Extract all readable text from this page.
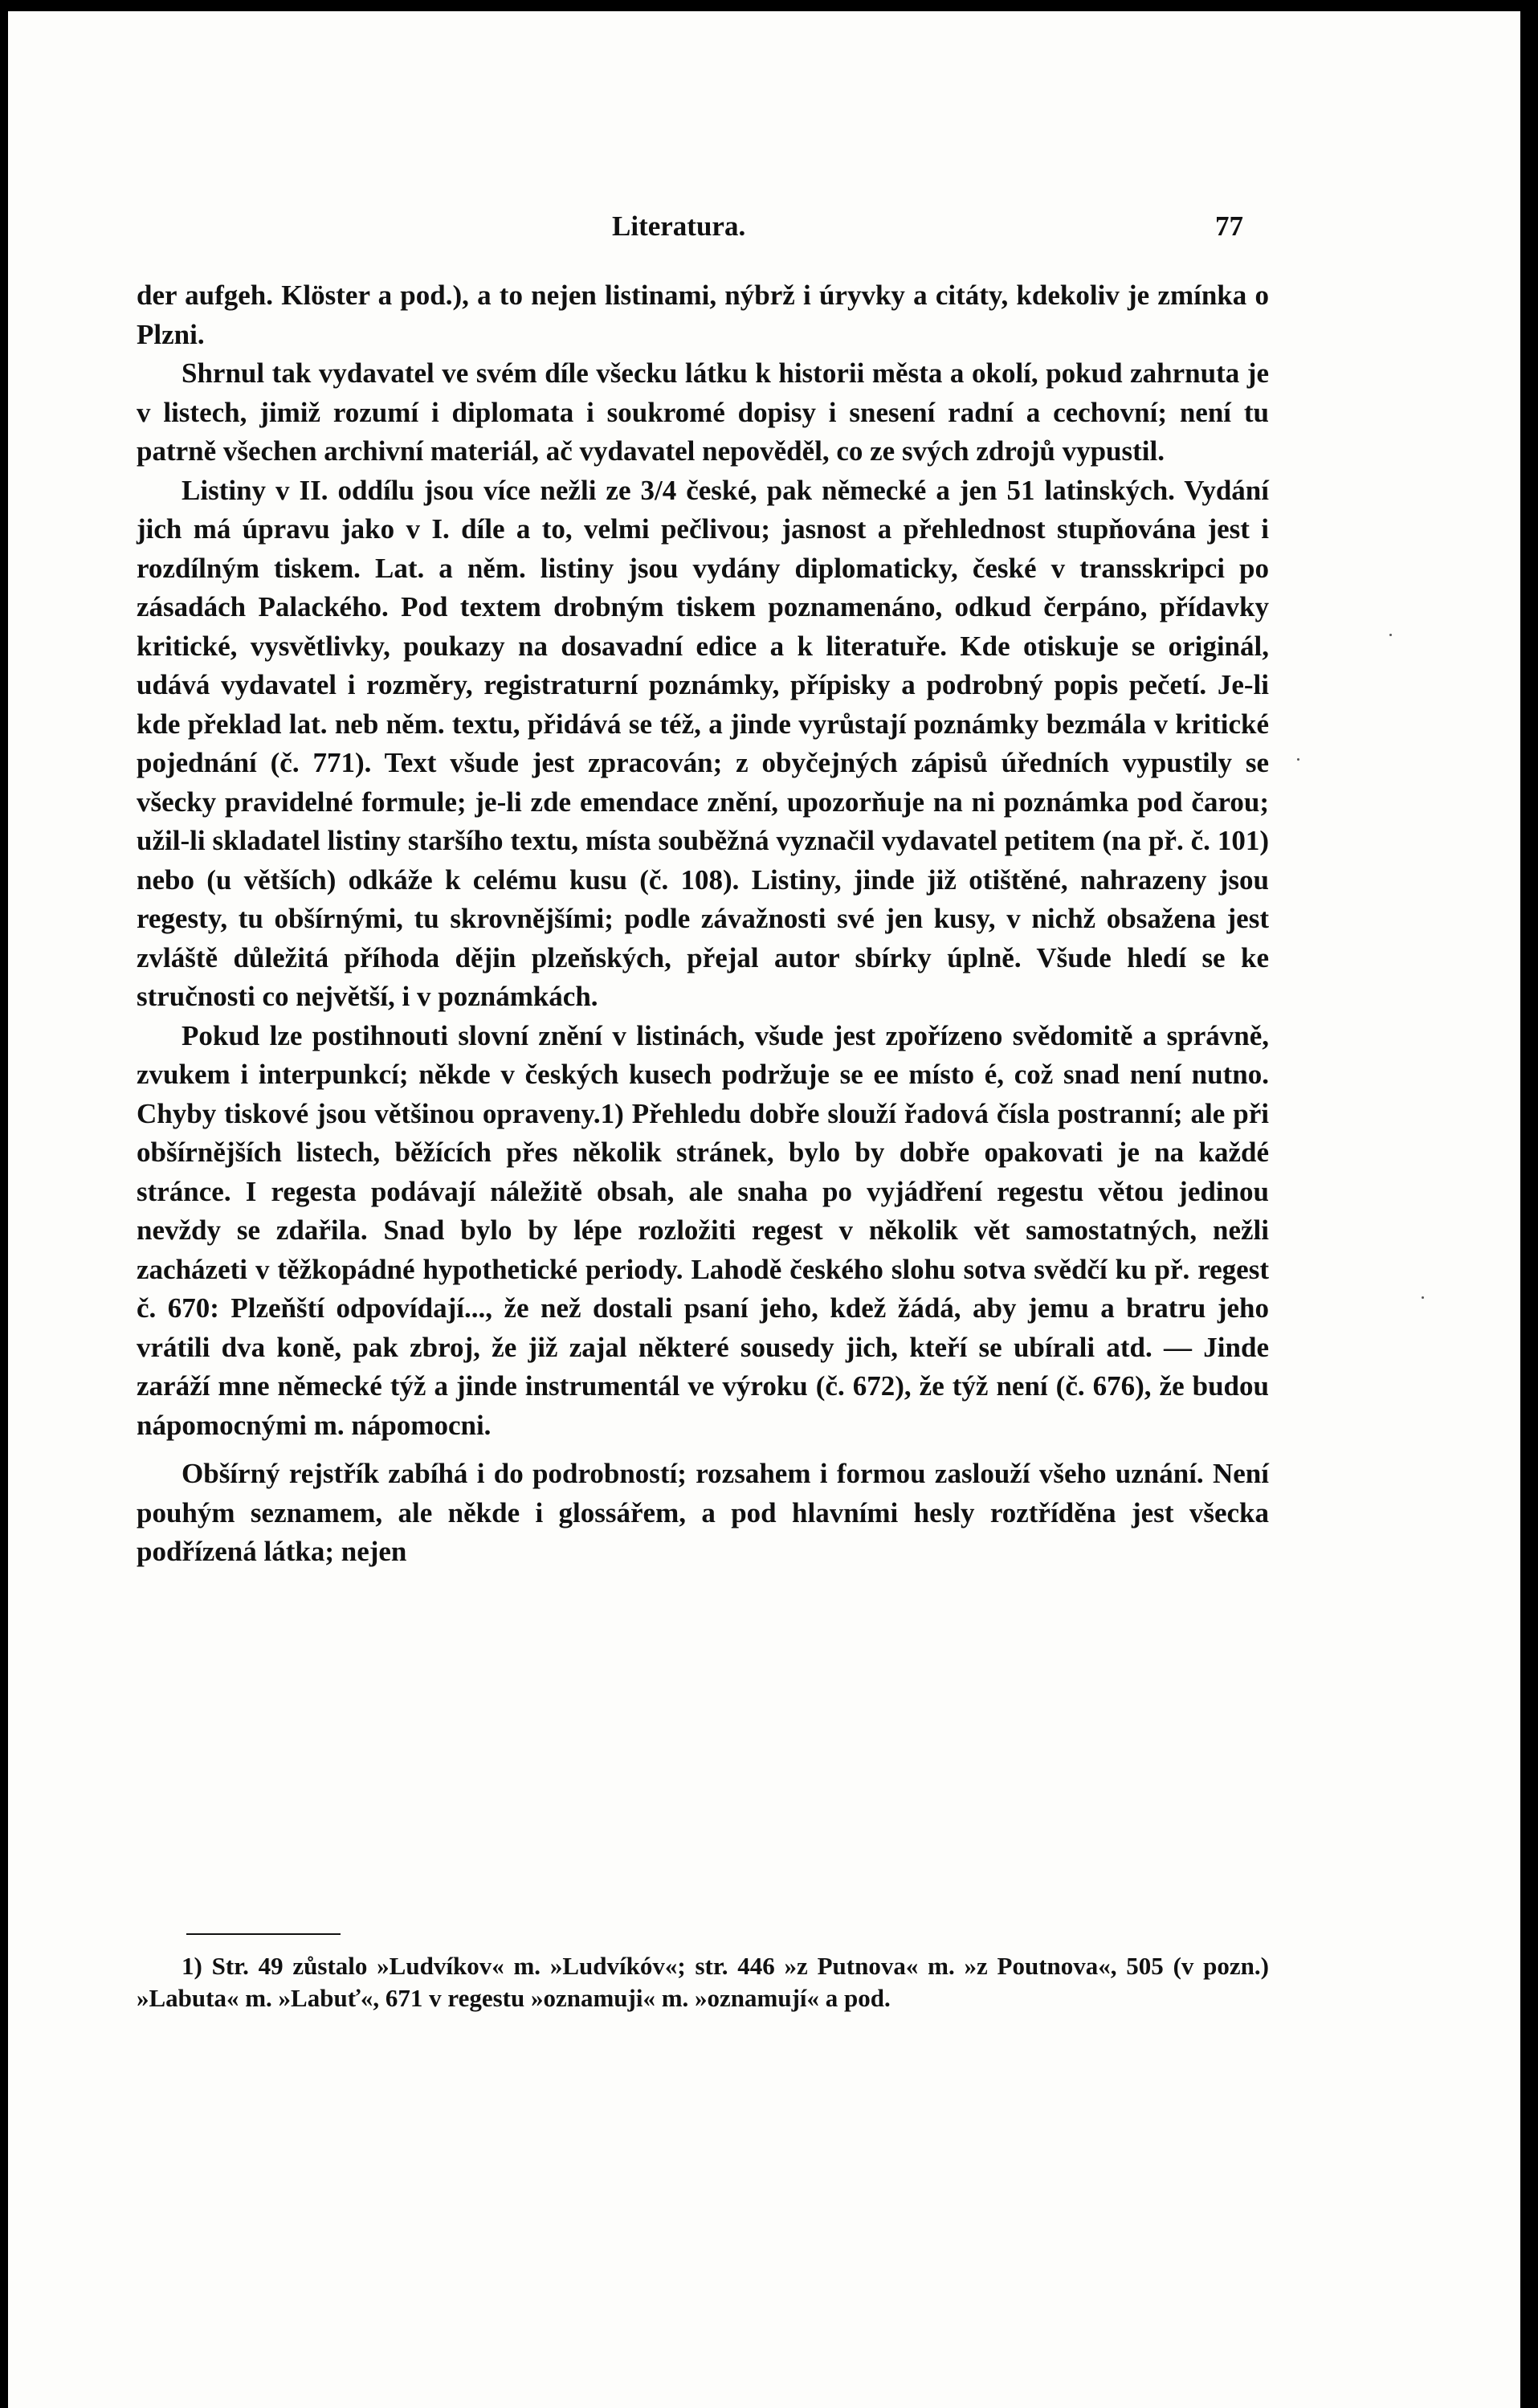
Literatura.	77

der aufgeh. Klöster a pod.), a to nejen listinami, nýbrž i úryvky a citáty, kdekoliv je zmínka o Plzni.

Shrnul tak vydavatel ve svém díle všecku látku k historii města a okolí, pokud zahrnuta je v listech, jimiž rozumí i diplomata i soukromé dopisy i snesení radní a cechovní; není tu patrně všechen archivní materiál, ač vydavatel nepověděl, co ze svých zdrojů vypustil.

Listiny v II. oddílu jsou více nežli ze 3/4 české, pak německé a jen 51 latinských. Vydání jich má úpravu jako v I. díle a to, velmi pečlivou; jasnost a přehlednost stupňována jest i rozdílným tiskem. Lat. a něm. listiny jsou vydány diplomaticky, české v transskripci po zásadách Palackého. Pod textem drobným tiskem poznamenáno, odkud čerpáno, přídavky kritické, vysvětlivky, poukazy na dosavadní edice a k literatuře. Kde otiskuje se originál, udává vydavatel i rozměry, registraturní poznámky, přípisky a podrobný popis pečetí. Je-li kde překlad lat. neb něm. textu, přidává se též, a jinde vyrůstají poznámky bezmála v kritické pojednání (č. 771). Text všude jest zpracován; z obyčejných zápisů úředních vypustily se všecky pravidelné formule; je-li zde emendace znění, upozorňuje na ni poznámka pod čarou; užil-li skladatel listiny staršího textu, místa souběžná vyznačil vydavatel petitem (na př. č. 101) nebo (u větších) odkáže k celému kusu (č. 108). Listiny, jinde již otištěné, nahrazeny jsou regesty, tu obšírnými, tu skrovnějšími; podle závažnosti své jen kusy, v nichž obsažena jest zvláště důležitá příhoda dějin plzeňských, přejal autor sbírky úplně. Všude hledí se ke stručnosti co největší, i v poznámkách.

Pokud lze postihnouti slovní znění v listinách, všude jest zpořízeno svědomitě a správně, zvukem i interpunkcí; někde v českých kusech podržuje se ee místo é, což snad není nutno. Chyby tiskové jsou většinou opraveny.1) Přehledu dobře slouží řadová čísla postranní; ale při obšírnějších listech, běžících přes několik stránek, bylo by dobře opakovati je na každé stránce. I regesta podávají náležitě obsah, ale snaha po vyjádření regestu větou jedinou nevždy se zdařila. Snad bylo by lépe rozložiti regest v několik vět samostatných, nežli zacházeti v těžkopádné hypothetické periody. Lahodě českého slohu sotva svědčí ku př. regest č. 670: Plzeňští odpovídají..., že než dostali psaní jeho, kdež žádá, aby jemu a bratru jeho vrátili dva koně, pak zbroj, že již zajal některé sousedy jich, kteří se ubírali atd. — Jinde zaráží mne německé týž a jinde instrumentál ve výroku (č. 672), že týž není (č. 676), že budou nápomocnými m. nápomocni.

Obšírný rejstřík zabíhá i do podrobností; rozsahem i formou zaslouží všeho uznání. Není pouhým seznamem, ale někde i glossářem, a pod hlavními hesly roztříděna jest všecka podřízená látka; nejen

1) Str. 49 zůstalo »Ludvíkov« m. »Ludvíkóv«; str. 446 »z Putnova« m. »z Poutnova«, 505 (v pozn.) »Labuta« m. »Labuť«, 671 v regestu »oznamuji« m. »oznamují« a pod.
